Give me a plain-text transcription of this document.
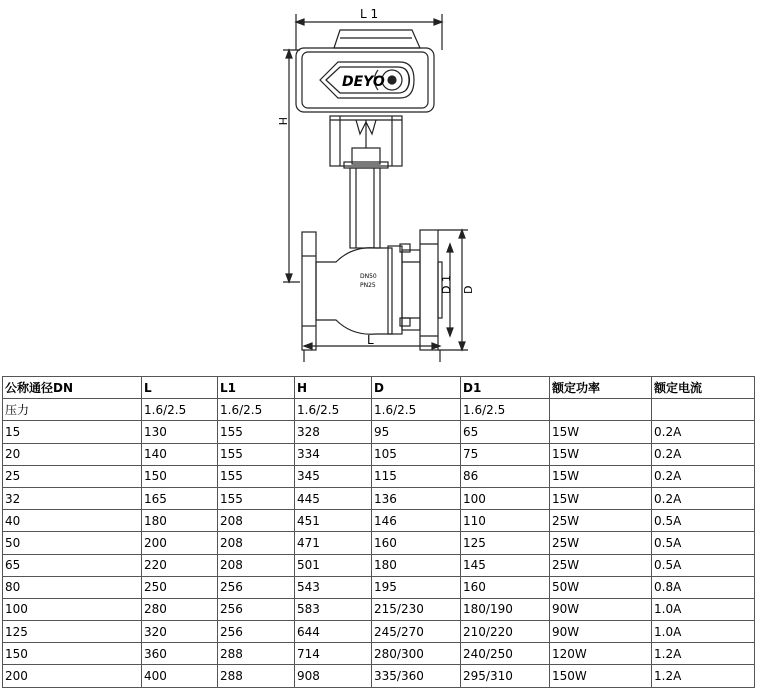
L 1
H
DEYO
DN50
PN25	D 1 D
L
公称通径DN	L	L1	H	D	D1	额定功率	额定电流
压力	1.6/2.5	1.6/2.5	1.6/2.5	1.6/2.5	1.6/2.5		
15	130	155	328	95	65	15W	0.2A
20	140	155	334	105	75	15W	0.2A
25	150	155	345	115	86	15W	0.2A
32	165	155	445	136	100	15W	0.2A
40	180	208	451	146	110	25W	0.5A
50	200	208	471	160	125	25W	0.5A
65	220	208	501	180	145	25W	0.5A
80	250	256	543	195	160	50W	0.8A
100	280	256	583	215/230	180/190	90W	1.0A
125	320	256	644	245/270	210/220	90W	1.0A
150	360	288	714	280/300	240/250	120W	1.2A
200	400	288	908	335/360	295/310	150W	1.2A
